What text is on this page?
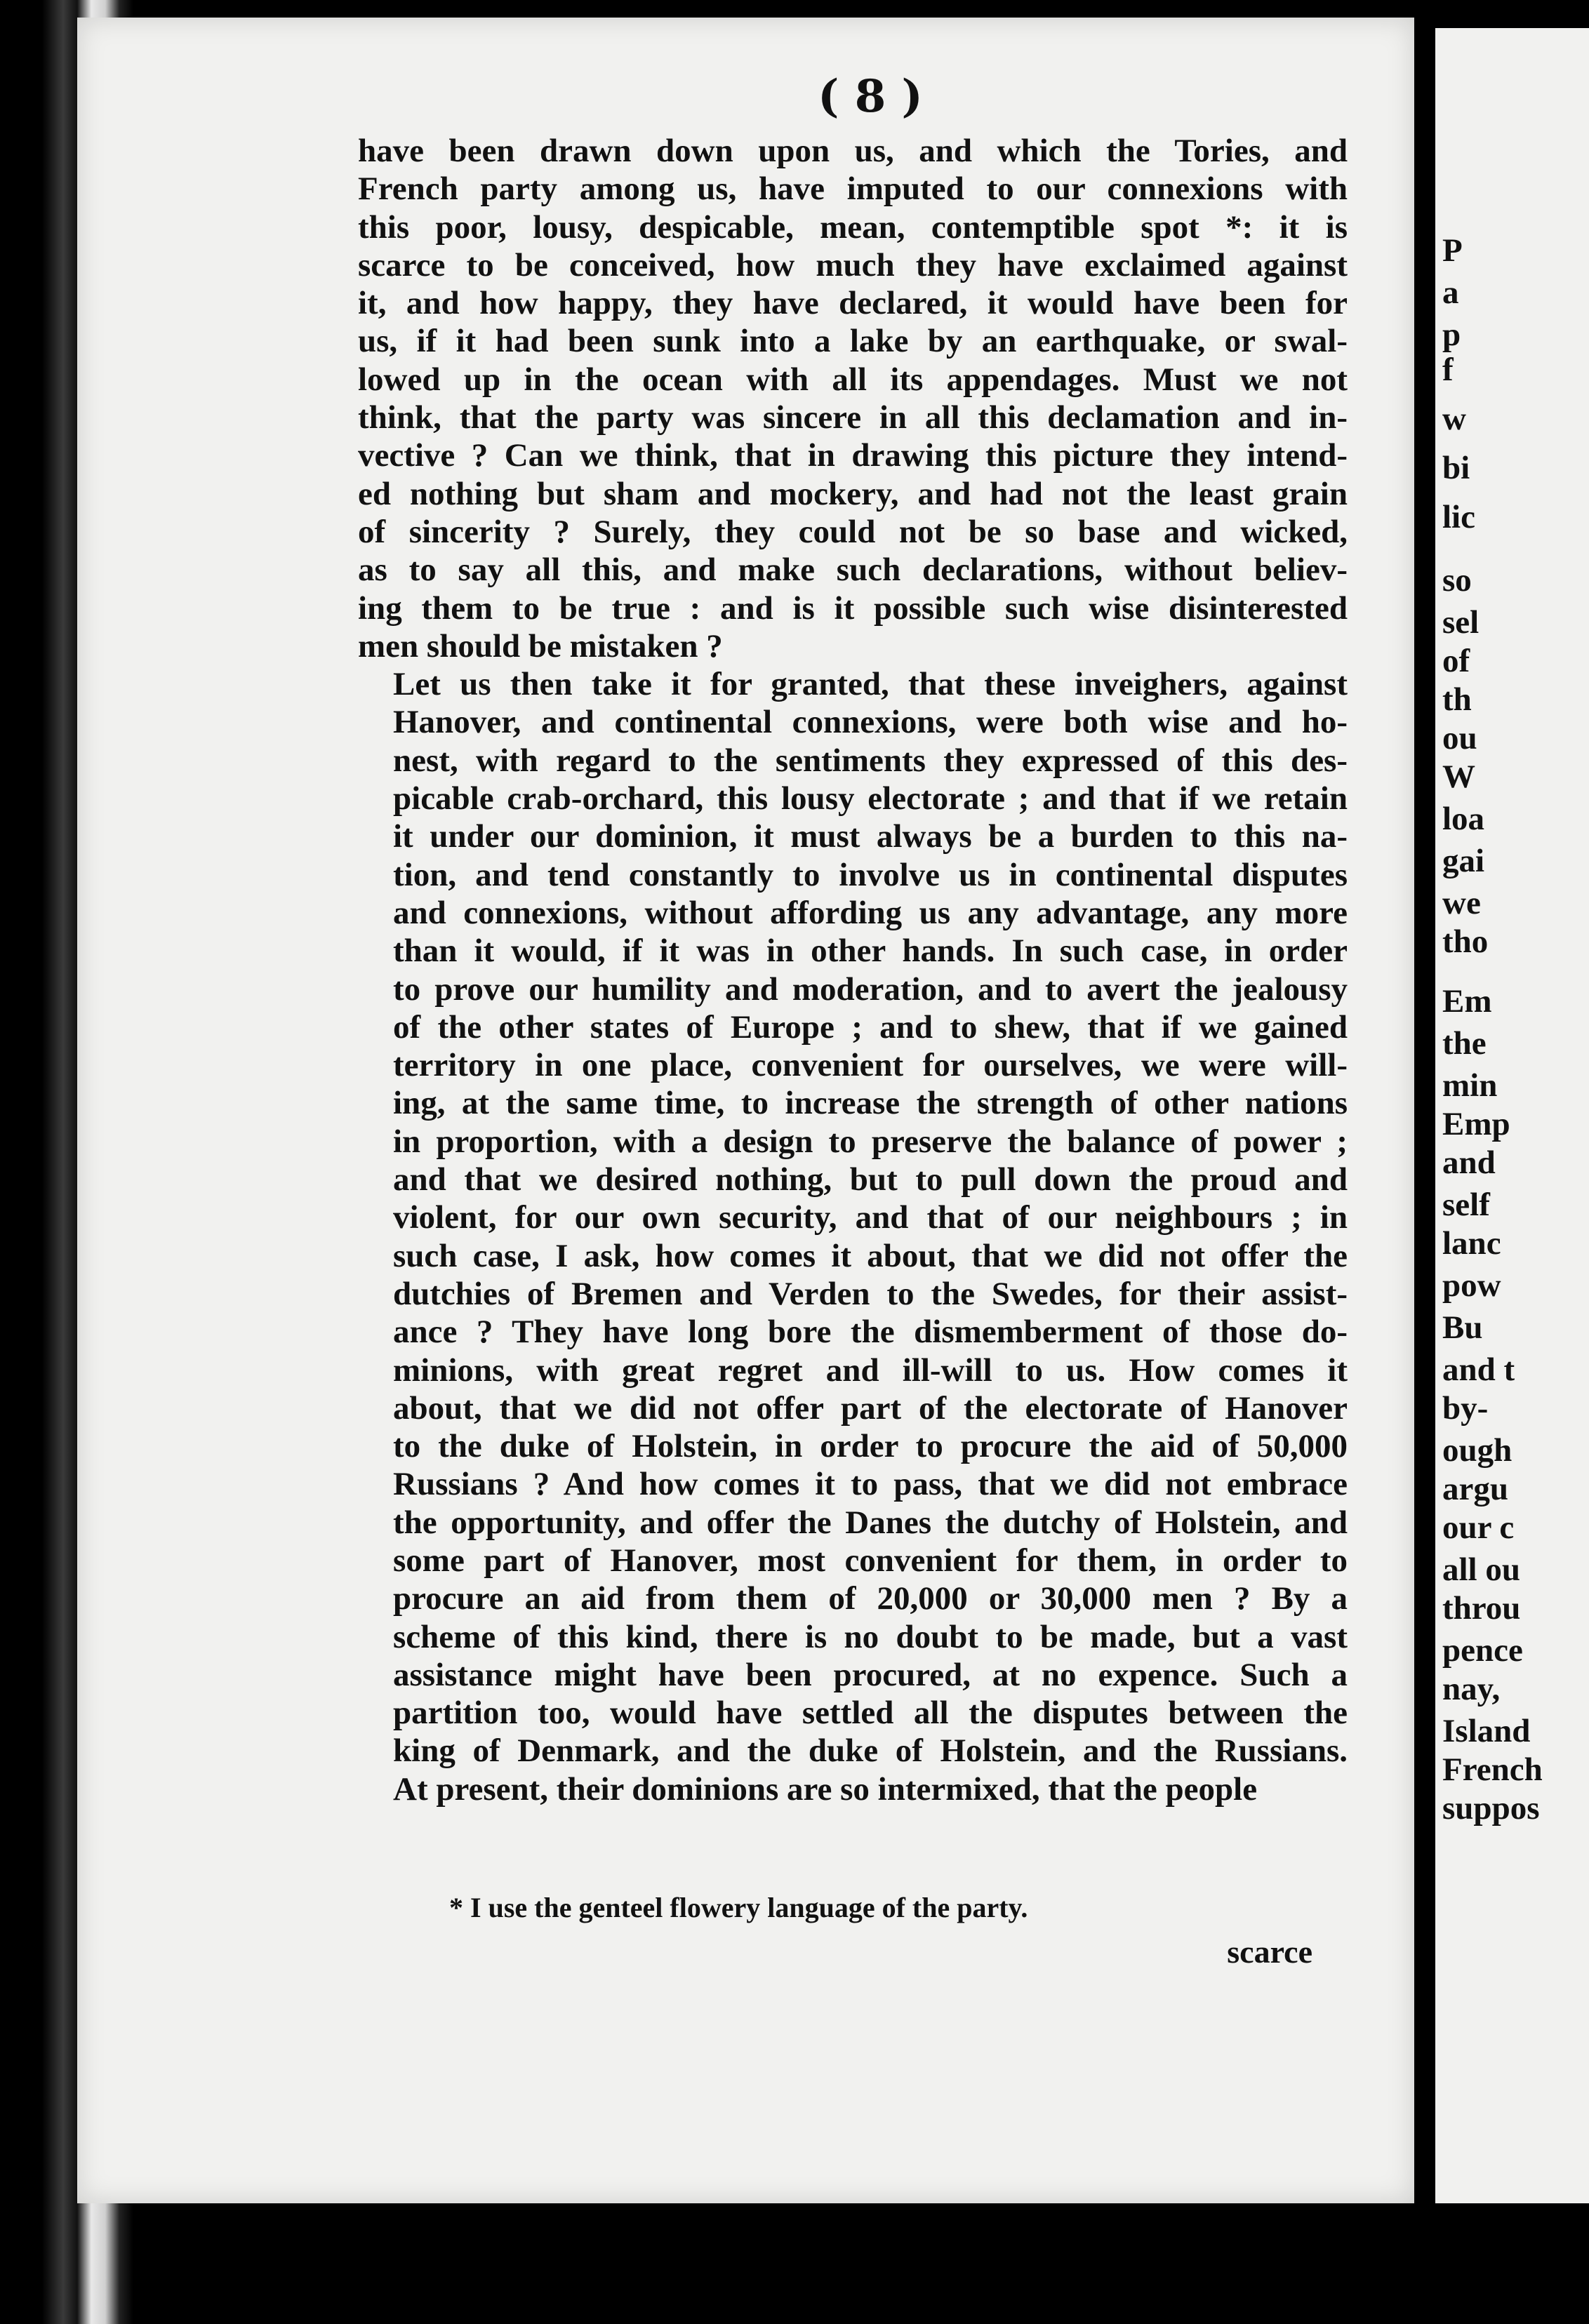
( 8 )

have been drawn down upon us, and which the Tories, and
French party among us, have imputed to our connexions with
this poor, lousy, despicable, mean, contemptible spot *: it is
scarce to be conceived, how much they have exclaimed against
it, and how happy, they have declared, it would have been for
us, if it had been sunk into a lake by an earthquake, or swal-
lowed up in the ocean with all its appendages. Must we not
think, that the party was sincere in all this declamation and in-
vective ? Can we think, that in drawing this picture they intend-
ed nothing but sham and mockery, and had not the least grain
of sincerity ? Surely, they could not be so base and wicked,
as to say all this, and make such declarations, without believ-
ing them to be true : and is it possible such wise disinterested
men should be mistaken ?

Let us then take it for granted, that these inveighers, against
Hanover, and continental connexions, were both wise and ho-
nest, with regard to the sentiments they expressed of this des-
picable crab-orchard, this lousy electorate ; and that if we retain
it under our dominion, it must always be a burden to this na-
tion, and tend constantly to involve us in continental disputes
and connexions, without affording us any advantage, any more
than it would, if it was in other hands. In such case, in order
to prove our humility and moderation, and to avert the jealousy
of the other states of Europe ; and to shew, that if we gained
territory in one place, convenient for ourselves, we were will-
ing, at the same time, to increase the strength of other nations
in proportion, with a design to preserve the balance of power ;
and that we desired nothing, but to pull down the proud and
violent, for our own security, and that of our neighbours ; in
such case, I ask, how comes it about, that we did not offer the
dutchies of Bremen and Verden to the Swedes, for their assist-
ance ? They have long bore the dismemberment of those do-
minions, with great regret and ill-will to us. How comes it
about, that we did not offer part of the electorate of Hanover
to the duke of Holstein, in order to procure the aid of 50,000
Russians ? And how comes it to pass, that we did not embrace
the opportunity, and offer the Danes the dutchy of Holstein, and
some part of Hanover, most convenient for them, in order to
procure an aid from them of 20,000 or 30,000 men ? By a
scheme of this kind, there is no doubt to be made, but a vast
assistance might have been procured, at no expence. Such a
partition too, would have settled all the disputes between the
king of Denmark, and the duke of Holstein, and the Russians.
At present, their dominions are so intermixed, that the people

* I use the genteel flowery language of the party.
scarce
P
a
p
f
w
bi
lic
so
sel
of
th
ou
W
loa
gai
we
tho
Em
the
min
Emp
and
self
lanc
pow
Bu
and t
by-
ough
argu
our c
all ou
throu
pence
nay,
Island
French
suppos
